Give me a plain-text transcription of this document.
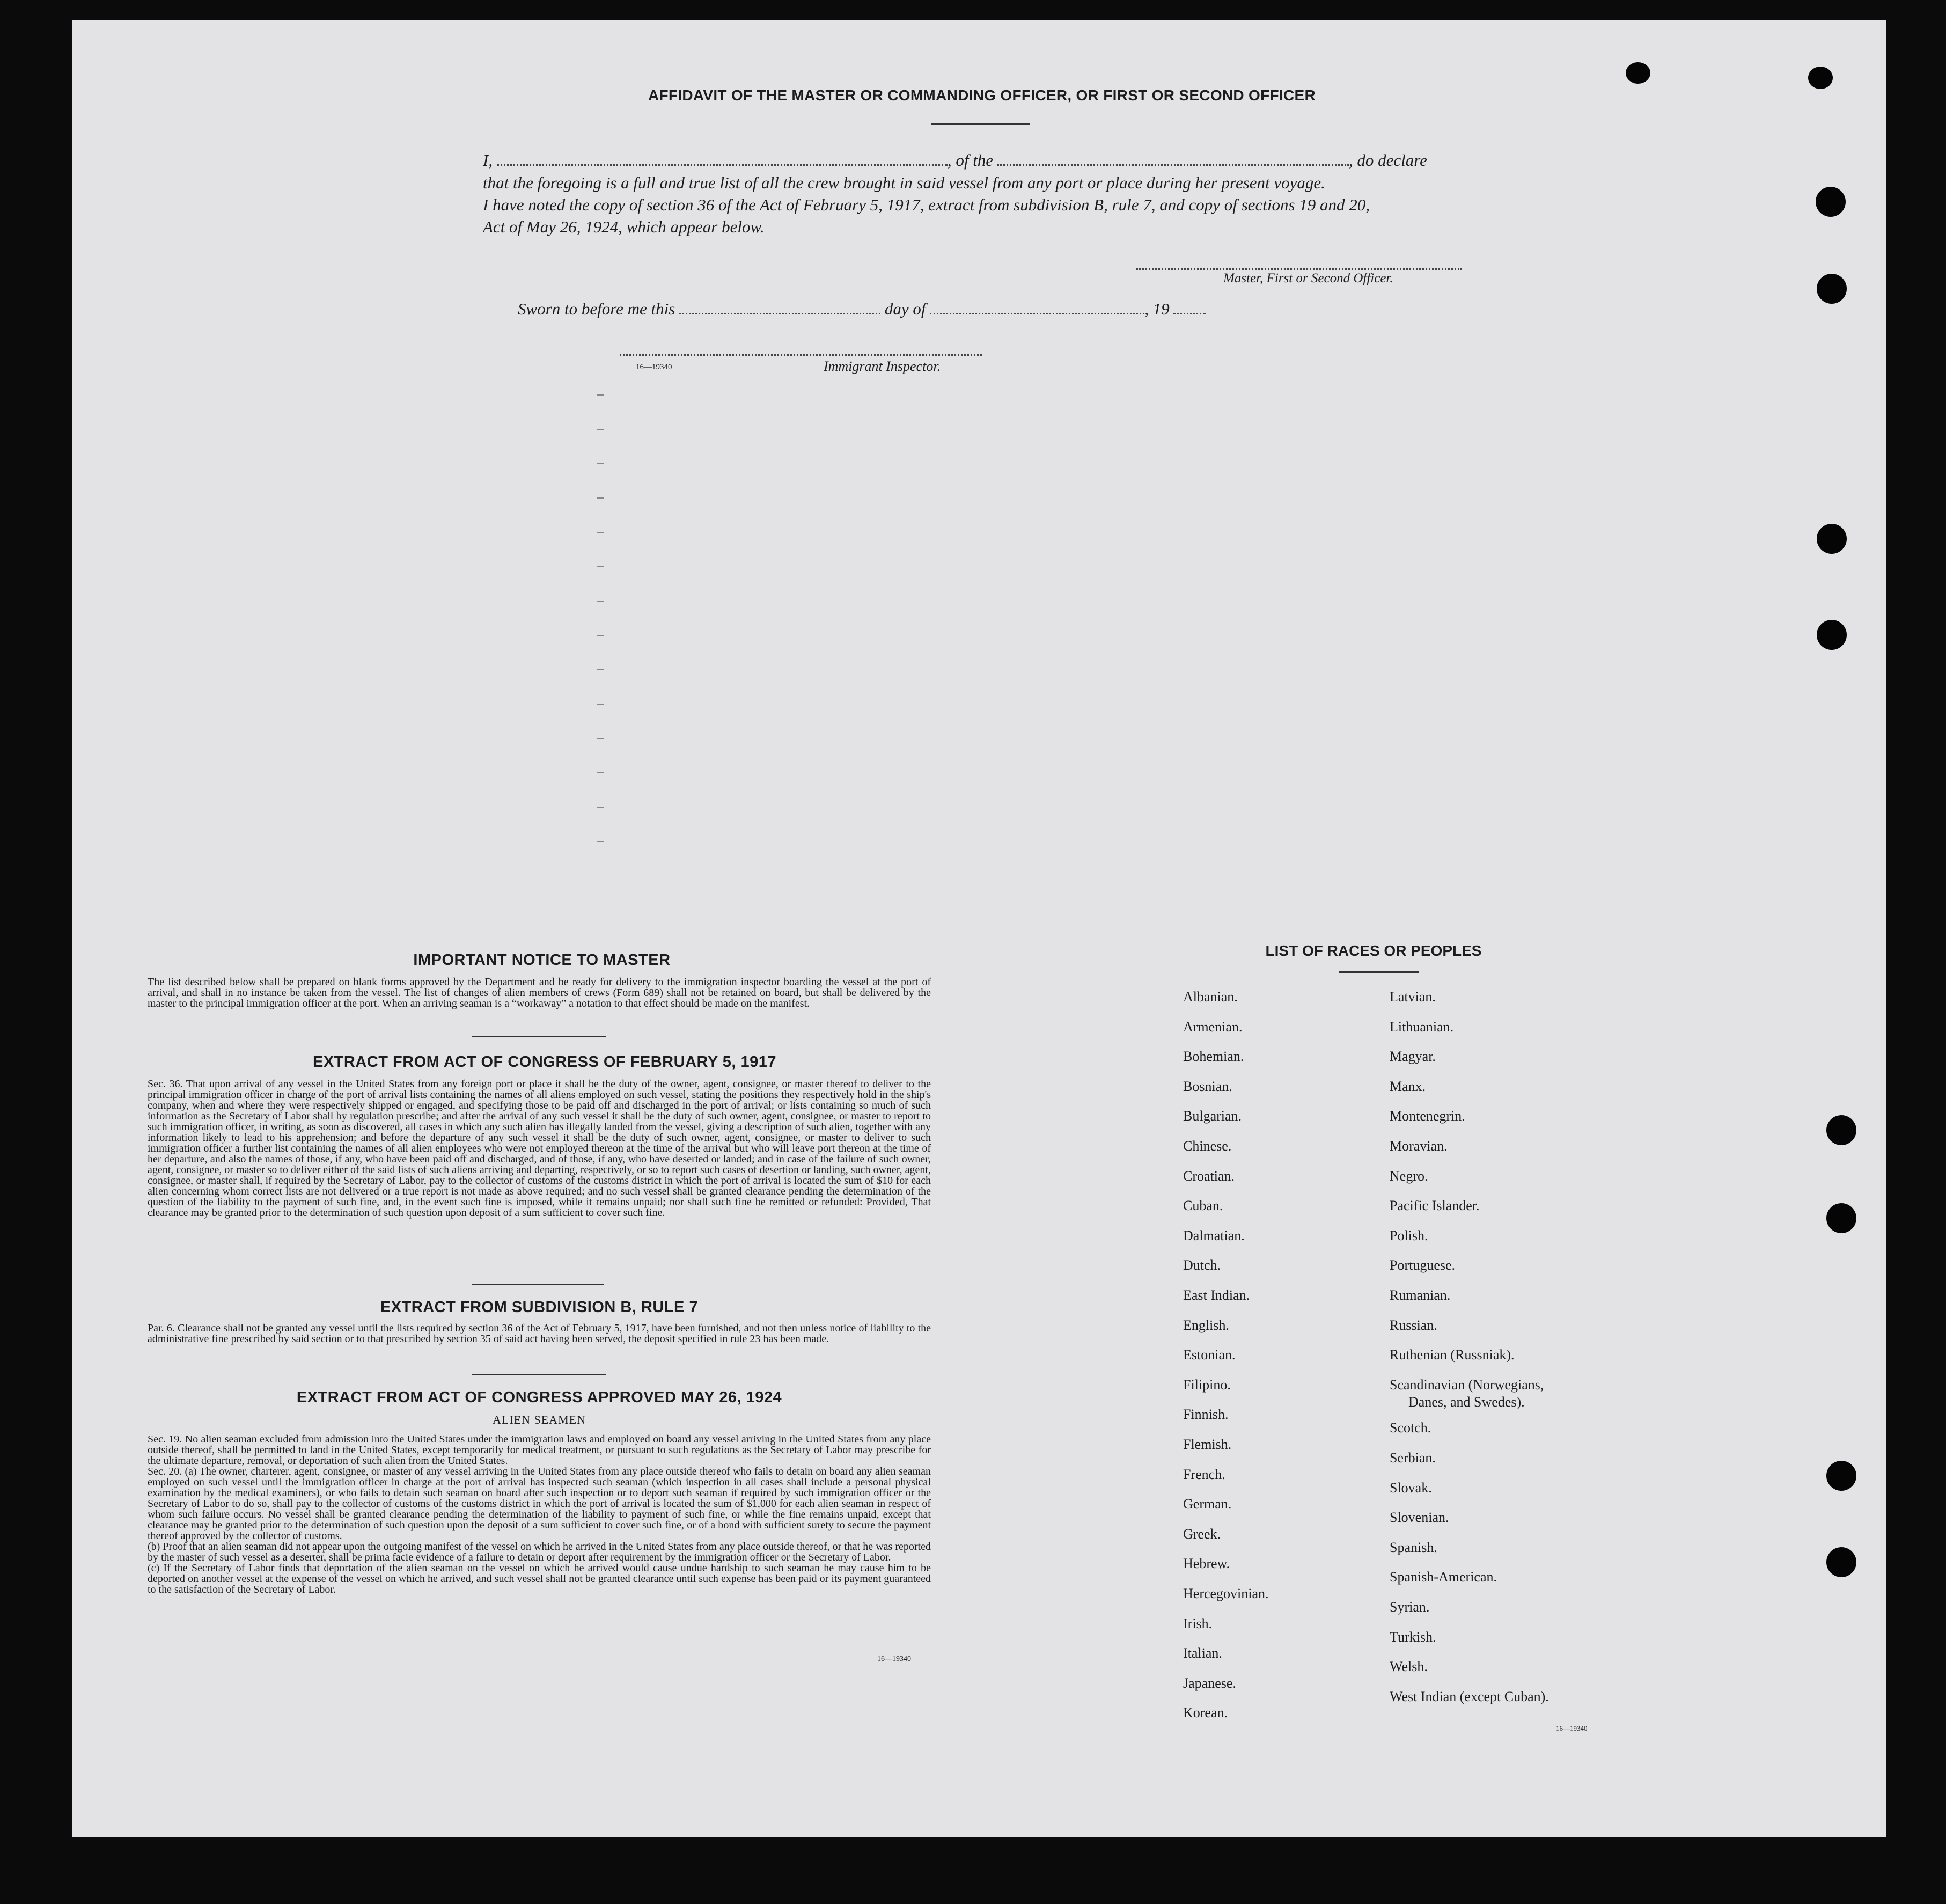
AFFIDAVIT OF THE MASTER OR COMMANDING OFFICER, OR FIRST OR SECOND OFFICER
I,	, of the	, do declare
that the foregoing is a full and true list of all the crew brought in said vessel from any port or place during her present voyage.
I have noted the copy of section 36 of the Act of February 5, 1917, extract from subdivision B, rule 7, and copy of sections 19 and 20,
Act of May 26, 1924, which appear below.
Master, First or Second Officer.
Sworn to before me this	day of	, 19
16—19340	Immigrant Inspector.
IMPORTANT NOTICE TO MASTER
The list described below shall be prepared on blank forms approved by the Department and be ready for delivery to the immigration inspector boarding the vessel at the port of arrival, and shall in no instance be taken from the vessel. The list of changes of alien members of crews (Form 689) shall not be retained on board, but shall be delivered by the master to the principal immigration officer at the port. When an arriving seaman is a “workaway” a notation to that effect should be made on the manifest.
EXTRACT FROM ACT OF CONGRESS OF FEBRUARY 5, 1917
Sec. 36. That upon arrival of any vessel in the United States from any foreign port or place it shall be the duty of the owner, agent, consignee, or master thereof to deliver to the principal immigration officer in charge of the port of arrival lists containing the names of all aliens employed on such vessel, stating the positions they respectively hold in the ship's company, when and where they were respectively shipped or engaged, and specifying those to be paid off and discharged in the port of arrival; or lists containing so much of such information as the Secretary of Labor shall by regulation prescribe; and after the arrival of any such vessel it shall be the duty of such owner, agent, consignee, or master to report to such immigration officer, in writing, as soon as discovered, all cases in which any such alien has illegally landed from the vessel, giving a description of such alien, together with any information likely to lead to his apprehension; and before the departure of any such vessel it shall be the duty of such owner, agent, consignee, or master to deliver to such immigration officer a further list containing the names of all alien employees who were not employed thereon at the time of the arrival but who will leave port thereon at the time of her departure, and also the names of those, if any, who have been paid off and discharged, and of those, if any, who have deserted or landed; and in case of the failure of such owner, agent, consignee, or master so to deliver either of the said lists of such aliens arriving and departing, respectively, or so to report such cases of desertion or landing, such owner, agent, consignee, or master shall, if required by the Secretary of Labor, pay to the collector of customs of the customs district in which the port of arrival is located the sum of $10 for each alien concerning whom correct lists are not delivered or a true report is not made as above required; and no such vessel shall be granted clearance pending the determination of the question of the liability to the payment of such fine, and, in the event such fine is imposed, while it remains unpaid; nor shall such fine be remitted or refunded: Provided, That clearance may be granted prior to the determination of such question upon deposit of a sum sufficient to cover such fine.
EXTRACT FROM SUBDIVISION B, RULE 7
Par. 6. Clearance shall not be granted any vessel until the lists required by section 36 of the Act of February 5, 1917, have been furnished, and not then unless notice of liability to the administrative fine prescribed by said section or to that prescribed by section 35 of said act having been served, the deposit specified in rule 23 has been made.
EXTRACT FROM ACT OF CONGRESS APPROVED MAY 26, 1924
ALIEN SEAMEN
Sec. 19. No alien seaman excluded from admission into the United States under the immigration laws and employed on board any vessel arriving in the United States from any place outside thereof, shall be permitted to land in the United States, except temporarily for medical treatment, or pursuant to such regulations as the Secretary of Labor may prescribe for the ultimate departure, removal, or deportation of such alien from the United States.
Sec. 20. (a) The owner, charterer, agent, consignee, or master of any vessel arriving in the United States from any place outside thereof who fails to detain on board any alien seaman employed on such vessel until the immigration officer in charge at the port of arrival has inspected such seaman (which inspection in all cases shall include a personal physical examination by the medical examiners), or who fails to detain such seaman on board after such inspection or to deport such seaman if required by such immigration officer or the Secretary of Labor to do so, shall pay to the collector of customs of the customs district in which the port of arrival is located the sum of $1,000 for each alien seaman in respect of whom such failure occurs. No vessel shall be granted clearance pending the determination of the liability to payment of such fine, or while the fine remains unpaid, except that clearance may be granted prior to the determination of such question upon the deposit of a sum sufficient to cover such fine, or of a bond with sufficient surety to secure the payment thereof approved by the collector of customs.
(b) Proof that an alien seaman did not appear upon the outgoing manifest of the vessel on which he arrived in the United States from any place outside thereof, or that he was reported by the master of such vessel as a deserter, shall be prima facie evidence of a failure to detain or deport after requirement by the immigration officer or the Secretary of Labor.
(c) If the Secretary of Labor finds that deportation of the alien seaman on the vessel on which he arrived would cause undue hardship to such seaman he may cause him to be deported on another vessel at the expense of the vessel on which he arrived, and such vessel shall not be granted clearance until such expense has been paid or its payment guaranteed to the satisfaction of the Secretary of Labor.
16—19340
LIST OF RACES OR PEOPLES
16—19340
Albanian.
Armenian.
Bohemian.
Bosnian.
Bulgarian.
Chinese.
Croatian.
Cuban.
Dalmatian.
Dutch.
East Indian.
English.
Estonian.
Filipino.
Finnish.
Flemish.
French.
German.
Greek.
Hebrew.
Hercegovinian.
Irish.
Italian.
Japanese.
Korean.
Latvian.
Lithuanian.
Magyar.
Manx.
Montenegrin.
Moravian.
Negro.
Pacific Islander.
Polish.
Portuguese.
Rumanian.
Russian.
Ruthenian (Russniak).
Scandinavian (Norwegians,
Danes, and Swedes).
Scotch.
Serbian.
Slovak.
Slovenian.
Spanish.
Spanish-American.
Syrian.
Turkish.
Welsh.
West Indian (except Cuban).
